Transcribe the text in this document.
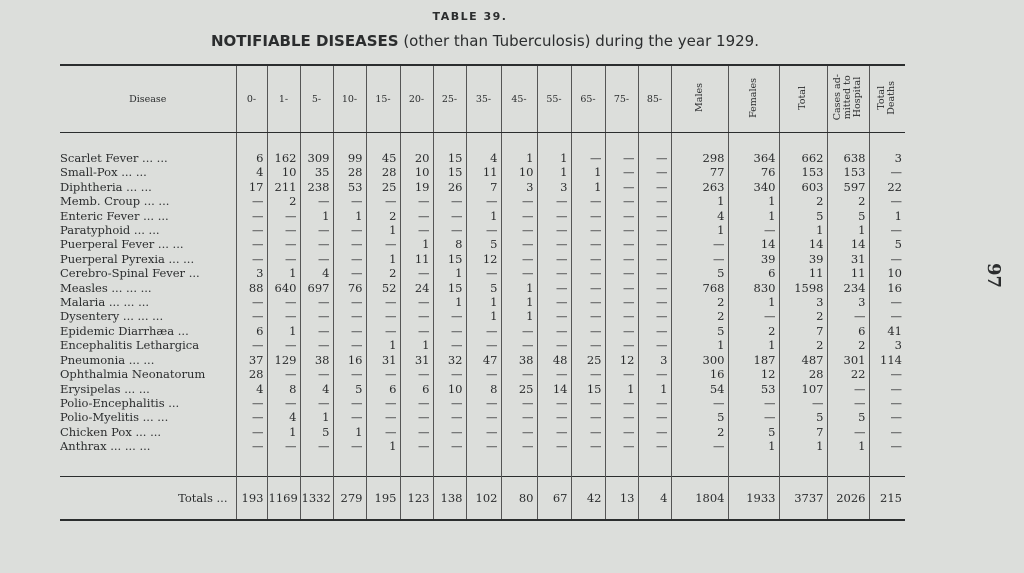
97
TABLE 39.
NOTIFIABLE DISEASES (other than Tuberculosis) during the year 1929.
Disease	0-	1-	5-	10-	15-	20-	25-	35-	45-	55-	65-	75-	85-	Males	Females	Total	Cases ad-
mitted to
Hospital	Total
Deaths
Scarlet Fever ... ...	6	162	309	99	45	20	15	4	1	1	—	—	—	298	364	662	638	3
Small-Pox ... ...	4	10	35	28	28	10	15	11	10	1	1	—	—	77	76	153	153	—
Diphtheria ... ...	17	211	238	53	25	19	26	7	3	3	1	—	—	263	340	603	597	22
Memb. Croup ... ...	—	2	—	—	—	—	—	—	—	—	—	—	—	1	1	2	2	—
Enteric Fever ... ...	—	—	1	1	2	—	—	1	—	—	—	—	—	4	1	5	5	1
Paratyphoid ... ...	—	—	—	—	1	—	—	—	—	—	—	—	—	1	—	1	1	—
Puerperal Fever ... ...	—	—	—	—	—	1	8	5	—	—	—	—	—	—	14	14	14	5
Puerperal Pyrexia ... ...	—	—	—	—	1	11	15	12	—	—	—	—	—	—	39	39	31	—
Cerebro-Spinal Fever ...	3	1	4	—	2	—	1	—	—	—	—	—	—	5	6	11	11	10
Measles ... ... ...	88	640	697	76	52	24	15	5	1	—	—	—	—	768	830	1598	234	16
Malaria ... ... ...	—	—	—	—	—	—	1	1	1	—	—	—	—	2	1	3	3	—
Dysentery ... ... ...	—	—	—	—	—	—	—	1	1	—	—	—	—	2	—	2	—	—
Epidemic Diarrhæa ...	6	1	—	—	—	—	—	—	—	—	—	—	—	5	2	7	6	41
Encephalitis Lethargica	—	—	—	—	1	1	—	—	—	—	—	—	—	1	1	2	2	3
Pneumonia ... ...	37	129	38	16	31	31	32	47	38	48	25	12	3	300	187	487	301	114
Ophthalmia Neonatorum	28	—	—	—	—	—	—	—	—	—	—	—	—	16	12	28	22	—
Erysipelas ... ...	4	8	4	5	6	6	10	8	25	14	15	1	1	54	53	107	—	—
Polio-Encephalitis ...	—	—	—	—	—	—	—	—	—	—	—	—	—	—	—	—	—	—
Polio-Myelitis ... ...	—	4	1	—	—	—	—	—	—	—	—	—	—	5	—	5	5	—
Chicken Pox ... ...	—	1	5	1	—	—	—	—	—	—	—	—	—	2	5	7	—	—
Anthrax ... ... ...	—	—	—	—	1	—	—	—	—	—	—	—	—	—	1	1	1	—

Totals ...	193	1169	1332	279	195	123	138	102	80	67	42	13	4	1804	1933	3737	2026	215
